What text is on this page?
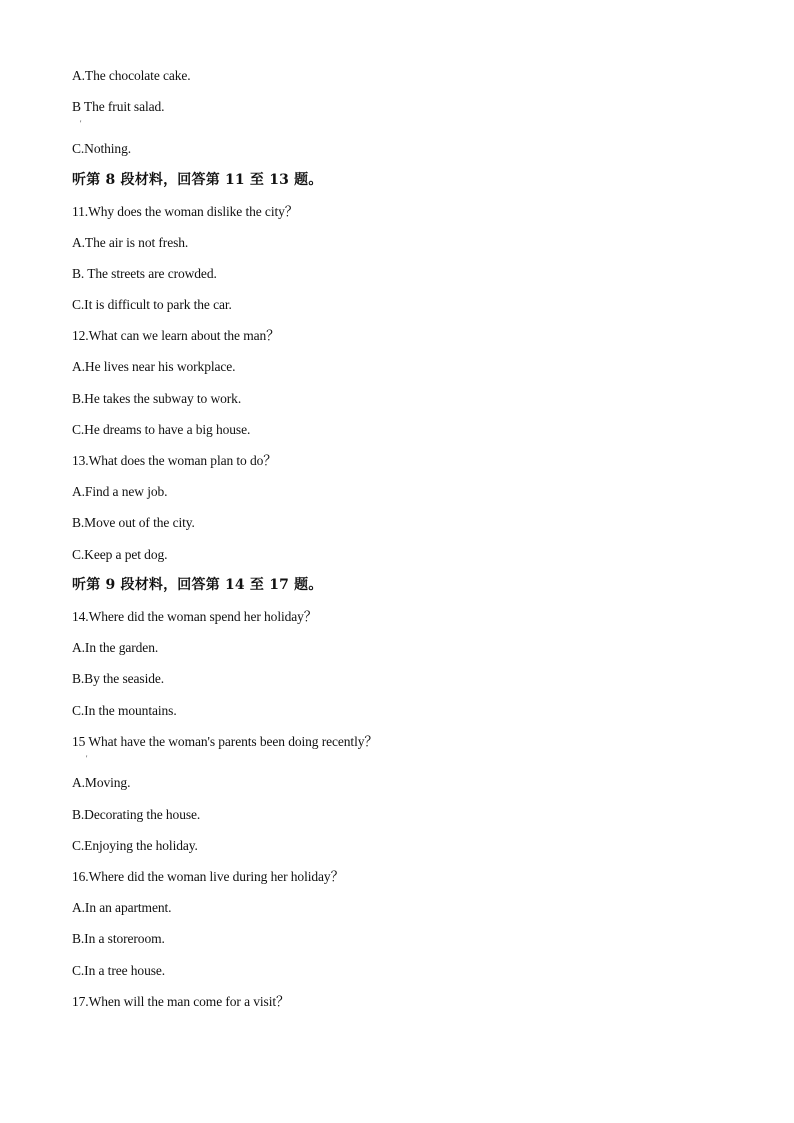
A.The chocolate cake.
B The fruit salad.
'
C.Nothing.
听第 8 段材料，回答第 11 至 13 题。
11.Why does the woman dislike the city？
A.The air is not fresh.
B. The streets are crowded.
C.It is difficult to park the car.
12.What can we learn about the man？
A.He lives near his workplace.
B.He takes the subway to work.
C.He dreams to have a big house.
13.What does the woman plan to do？
A.Find a new job.
B.Move out of the city.
C.Keep a pet dog.
听第 9 段材料，回答第 14 至 17 题。
14.Where did the woman spend her holiday？
A.In the garden.
B.By the seaside.
C.In the mountains.
15 What have the woman's parents been doing recently？
'
A.Moving.
B.Decorating the house.
C.Enjoying the holiday.
16.Where did the woman live during her holiday？
A.In an apartment.
B.In a storeroom.
C.In a tree house.
17.When will the man come for a visit？
